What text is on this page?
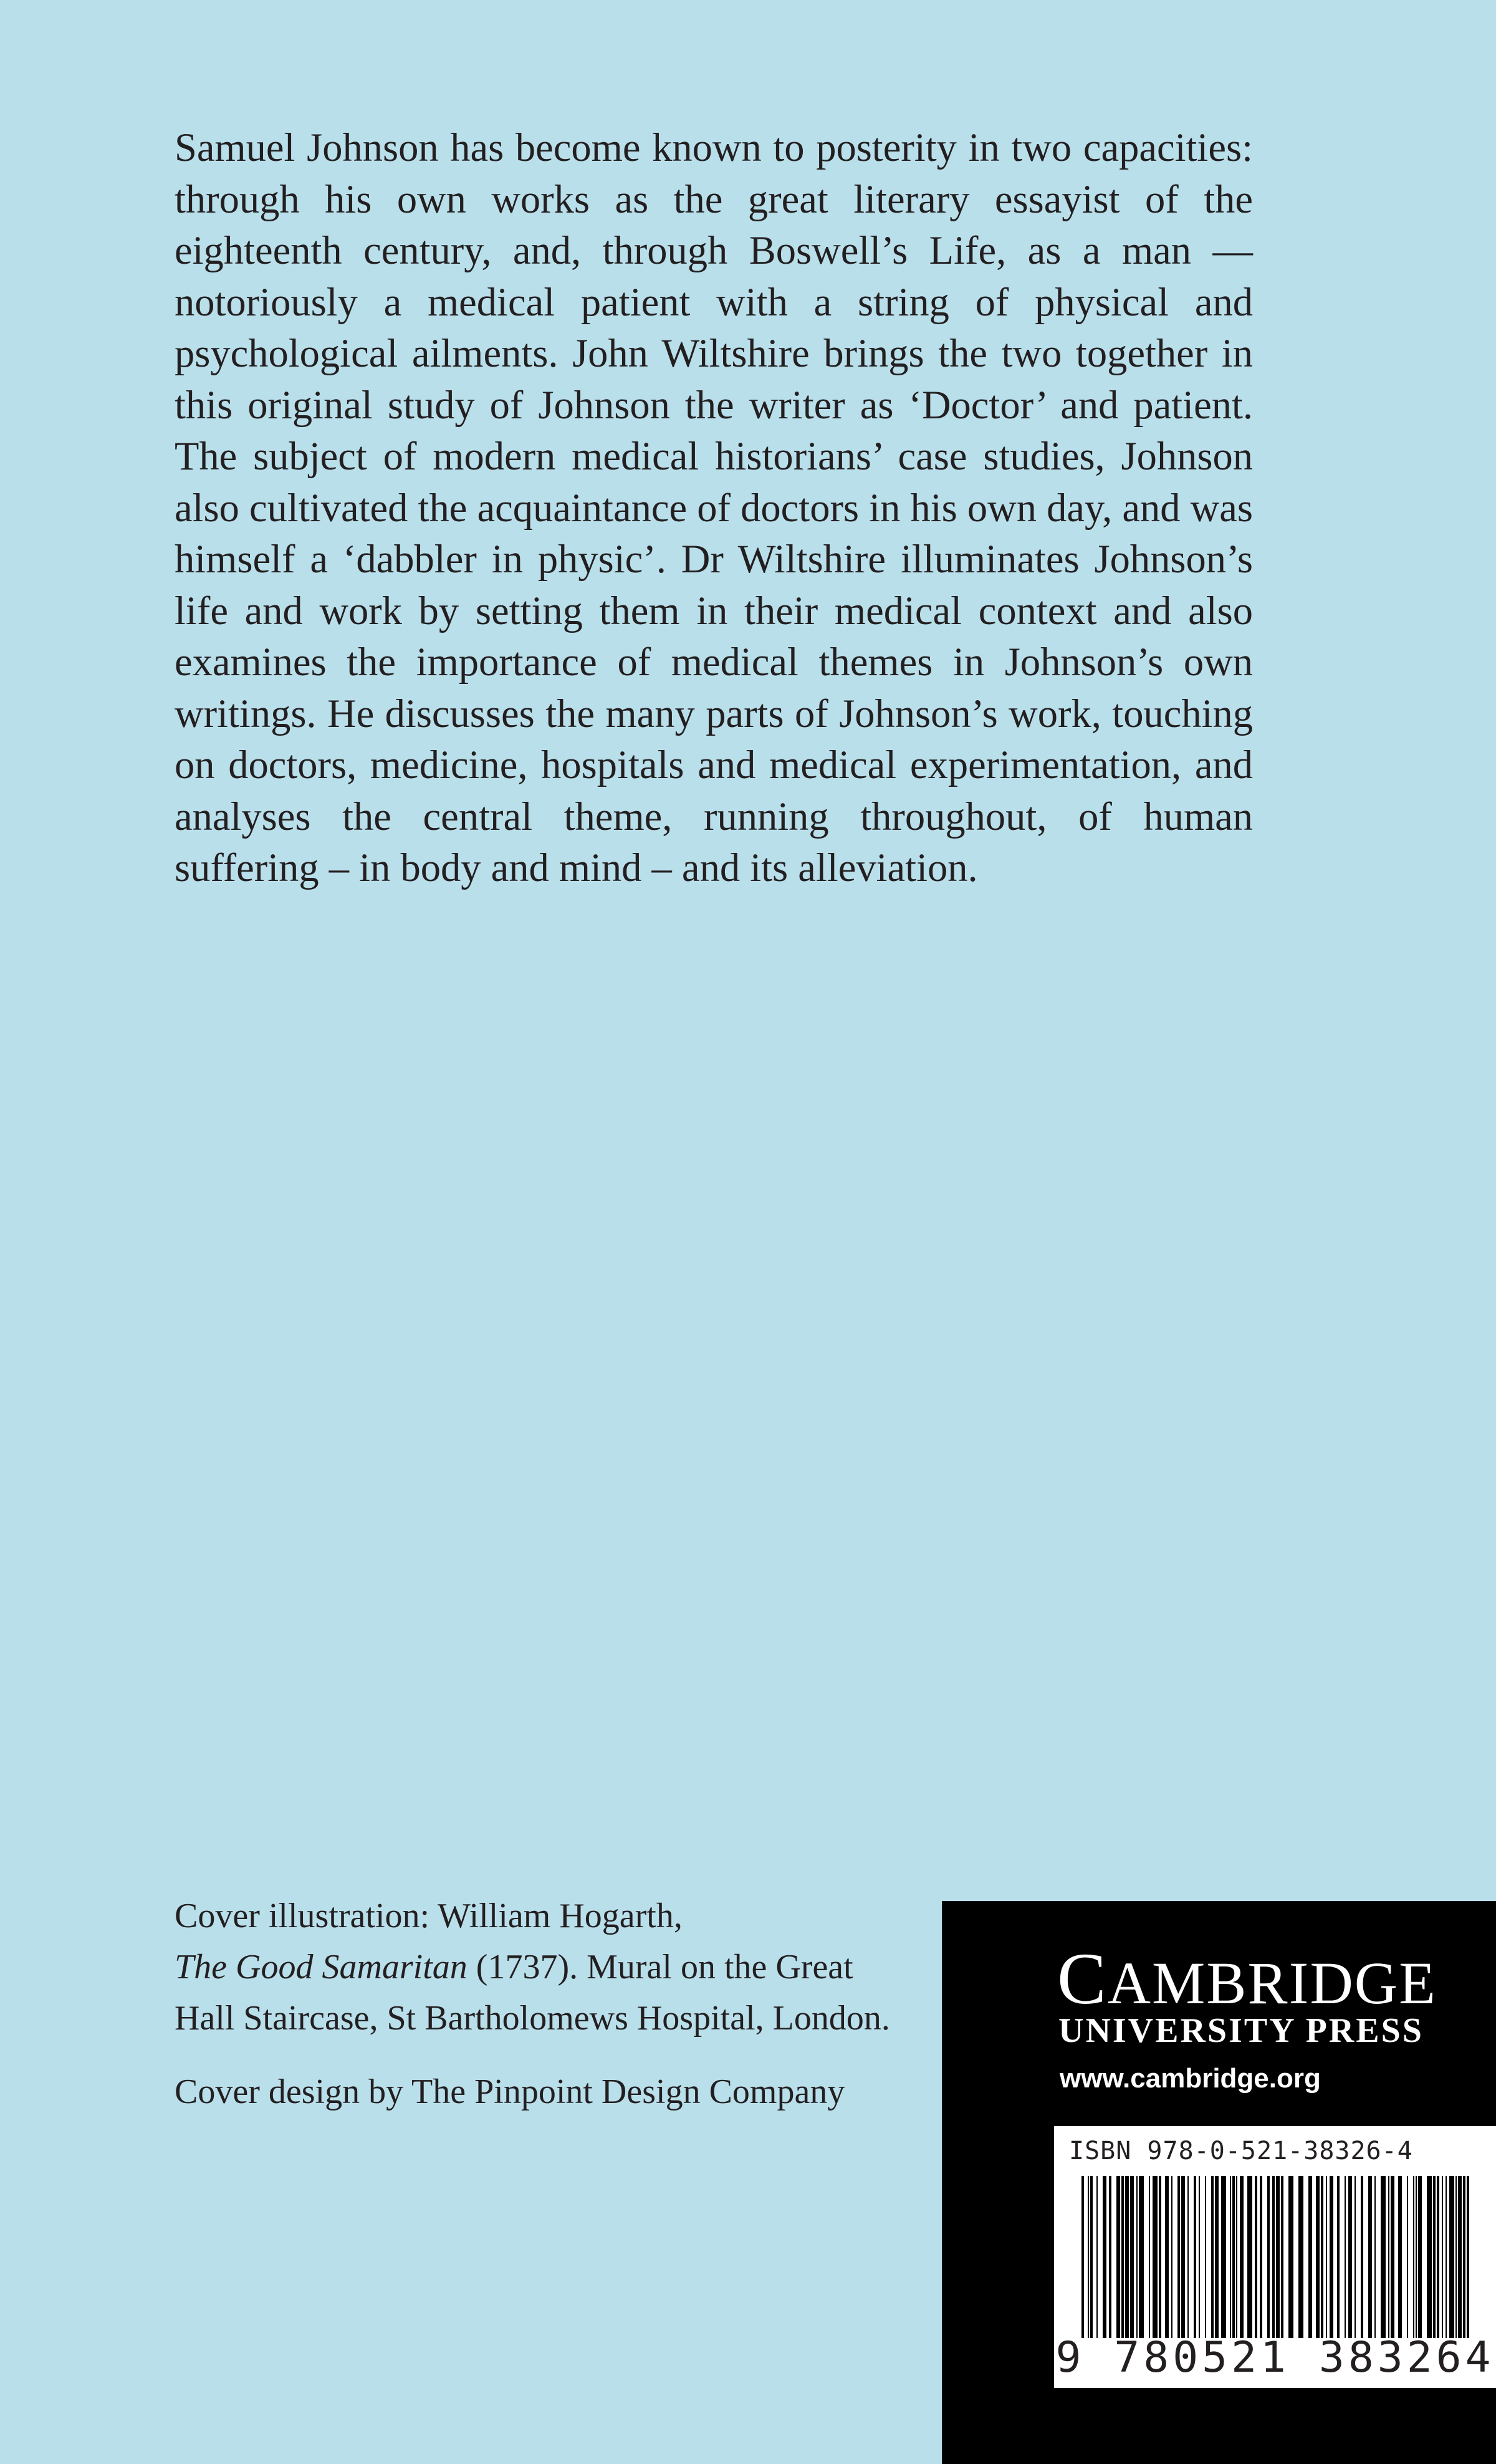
Samuel Johnson has become known to posterity in two capacities: through his own works as the great literary essayist of the eighteenth century, and, through Boswell’s Life, as a man — notoriously a medical patient with a string of physical and psychological ailments. John Wiltshire brings the two together in this original study of Johnson the writer as ‘Doctor’ and patient. The subject of modern medical historians’ case studies, Johnson also cultivated the acquaintance of doctors in his own day, and was himself a ‘dabbler in physic’. Dr Wiltshire illuminates Johnson’s life and work by setting them in their medical context and also examines the importance of medical themes in Johnson’s own writings. He discusses the many parts of Johnson’s work, touching on doctors, medicine, hospitals and medical experimentation, and analyses the central theme, running throughout, of human suffering – in body and mind – and its alleviation.

Cover illustration: William Hogarth,
The Good Samaritan (1737). Mural on the Great Hall Staircase, St Bartholomews Hospital, London.

Cover design by The Pinpoint Design Company

CAMBRIDGE
UNIVERSITY PRESS
www.cambridge.org
ISBN 978-0-521-38326-4
9 780521 383264
